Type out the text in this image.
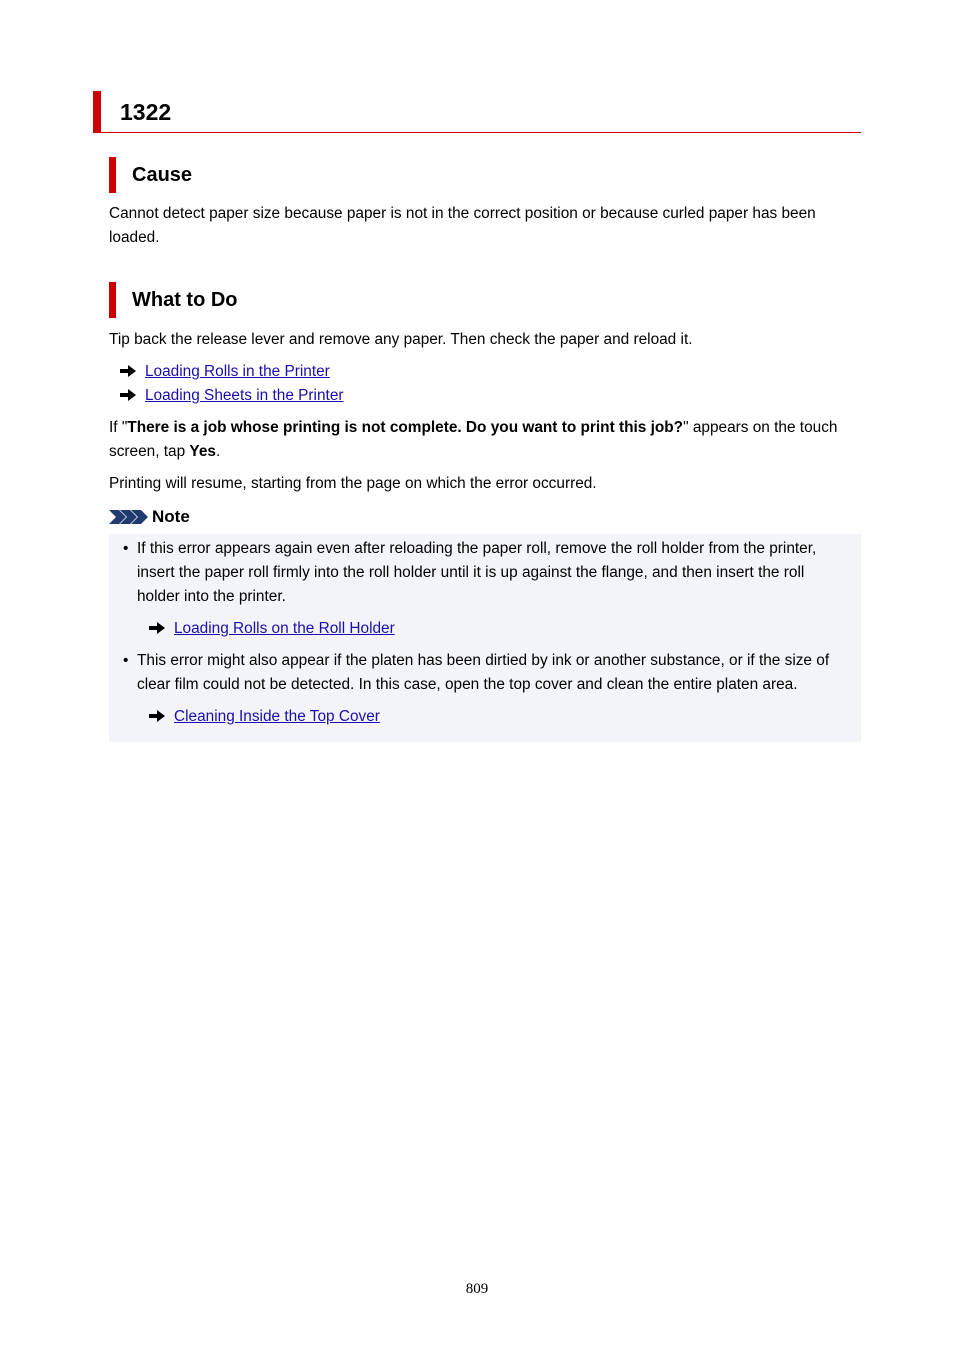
1322
Cause

Cannot detect paper size because paper is not in the correct position or because curled paper has been loaded.

What to Do

Tip back the release lever and remove any paper. Then check the paper and reload it.

Loading Rolls in the Printer
Loading Sheets in the Printer

If "There is a job whose printing is not complete. Do you want to print this job?" appears on the touch screen, tap Yes.

Printing will resume, starting from the page on which the error occurred.

Note
• If this error appears again even after reloading the paper roll, remove the roll holder from the printer, insert the paper roll firmly into the roll holder until it is up against the flange, and then insert the roll holder into the printer.
Loading Rolls on the Roll Holder
• This error might also appear if the platen has been dirtied by ink or another substance, or if the size of clear film could not be detected. In this case, open the top cover and clean the entire platen area.
Cleaning Inside the Top Cover
809
